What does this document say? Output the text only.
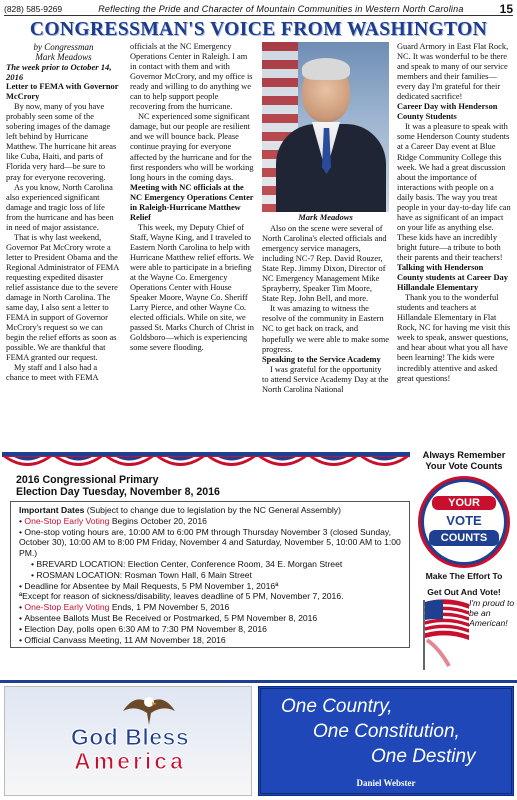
(828) 585-9269	Reflecting the Pride and Character of Mountain Communities in Western North Carolina	15
CONGRESSMAN'S VOICE FROM WASHINGTON

by Congressman

Mark Meadows

The week prior to October 14, 2016

Letter to FEMA with Governor McCrory

By now, many of you have probably seen some of the sobering images of the damage left behind by Hurricane Matthew. The hurricane hit areas like Cuba, Haiti, and parts of Florida very hard—be sure to pray for everyone recovering.

As you know, North Carolina also experienced significant damage and tragic loss of life from the hurricane and has been in need of major assistance.

That is why last weekend, Governor Pat McCrory wrote a letter to President Obama and the Regional Administrator of FEMA requesting expedited disaster relief assistance due to the severe damage in North Carolina. The same day, I also sent a letter to FEMA in support of Governor McCrory's request so we can begin the relief efforts as soon as possible. We are thankful that FEMA granted our request.

My staff and I also had a chance to meet with FEMA

officials at the NC Emergency Operations Center in Raleigh. I am in contact with them and with Governor McCrory, and my office is ready and willing to do anything we can to help support people recovering from the hurricane.

NC experienced some significant damage, but our people are resilient and we will bounce back. Please continue praying for everyone affected by the hurricane and for the first responders who will be working long hours in the coming days.

Meeting with NC officials at the NC Emergency Operations Center in Raleigh-Hurricane Matthew Relief

This week, my Deputy Chief of Staff, Wayne King, and I traveled to Eastern North Carolina to help with Hurricane Matthew relief efforts. We were able to participate in a briefing at the Wayne Co. Emergency Operations Center with House Speaker Moore, Wayne Co. Sheriff Larry Pierce, and other Wayne Co. elected officials. While on site, we passed St. Marks Church of Christ in Goldsboro—which is experiencing some severe flooding.

Mark Meadows

Also on the scene were several of North Carolina's elected officials and emergency service managers, including NC-7 Rep. David Rouzer, State Rep. Jimmy Dixon, Director of NC Emergency Management Mike Sprayberry, Speaker Tim Moore, State Rep. John Bell, and more.

It was amazing to witness the resolve of the community in Eastern NC to get back on track, and hopefully we were able to make some progress.

Speaking to the Service Academy

I was grateful for the opportunity to attend Service Academy Day at the North Carolina National

Guard Armory in East Flat Rock, NC. It was wonderful to be there and speak to many of our service members and their families—every day I'm grateful for their dedicated sacrifice!

Career Day with Henderson County Students

It was a pleasure to speak with some Henderson County students at a Career Day event at Blue Ridge Community College this week. We had a great discussion about the importance of interactions with people on a daily basis. The way you treat people in your day-to-day life can have as significant of an impact on your life as anything else. These kids have an incredibly bright future—a tribute to both their parents and their teachers!

Talking with Henderson County students at Career Day Hillandale Elementary

Thank you to the wonderful students and teachers at Hillandale Elementary in Flat Rock, NC for having me visit this week to speak, answer questions, and hear about what you all have been learning! The kids were incredibly attentive and asked great questions!

2016 Congressional Primary
Election Day Tuesday, November 8, 2016
Important Dates (Subject to change due to legislation by the NC General Assembly)
• One-Stop Early Voting Begins October 20, 2016
• One-stop voting hours are, 10:00 AM to 6:00 PM through Thursday November 3 (closed Sunday, October 30), 10:00 AM to 8:00 PM Friday, November 4 and Saturday, November 5, 10:00 AM to 1:00 PM.)
• BREVARD LOCATION: Election Center, Conference Room, 34 E. Morgan Street
• ROSMAN LOCATION: Rosman Town Hall, 6 Main Street
• Deadline for Absentee by Mail Requests, 5 PM November 1, 2016ª
ªExcept for reason of sickness/disability, leaves deadline of 5 PM, November 7, 2016.
• One-Stop Early Voting Ends, 1 PM November 5, 2016
• Absentee Ballots Must Be Received or Postmarked, 5 PM November 8, 2016
• Election Day, polls open 6:30 AM to 7:30 PM November 8, 2016
• Official Canvass Meeting, 11 AM November 18, 2016
Always Remember
Your Vote Counts
YOUR
VOTE
COUNTS
Make The Effort To
Get Out And Vote!
I'm proud to be an American!
God Bless
America
One Country,
One Constitution,
One Destiny
Daniel Webster
